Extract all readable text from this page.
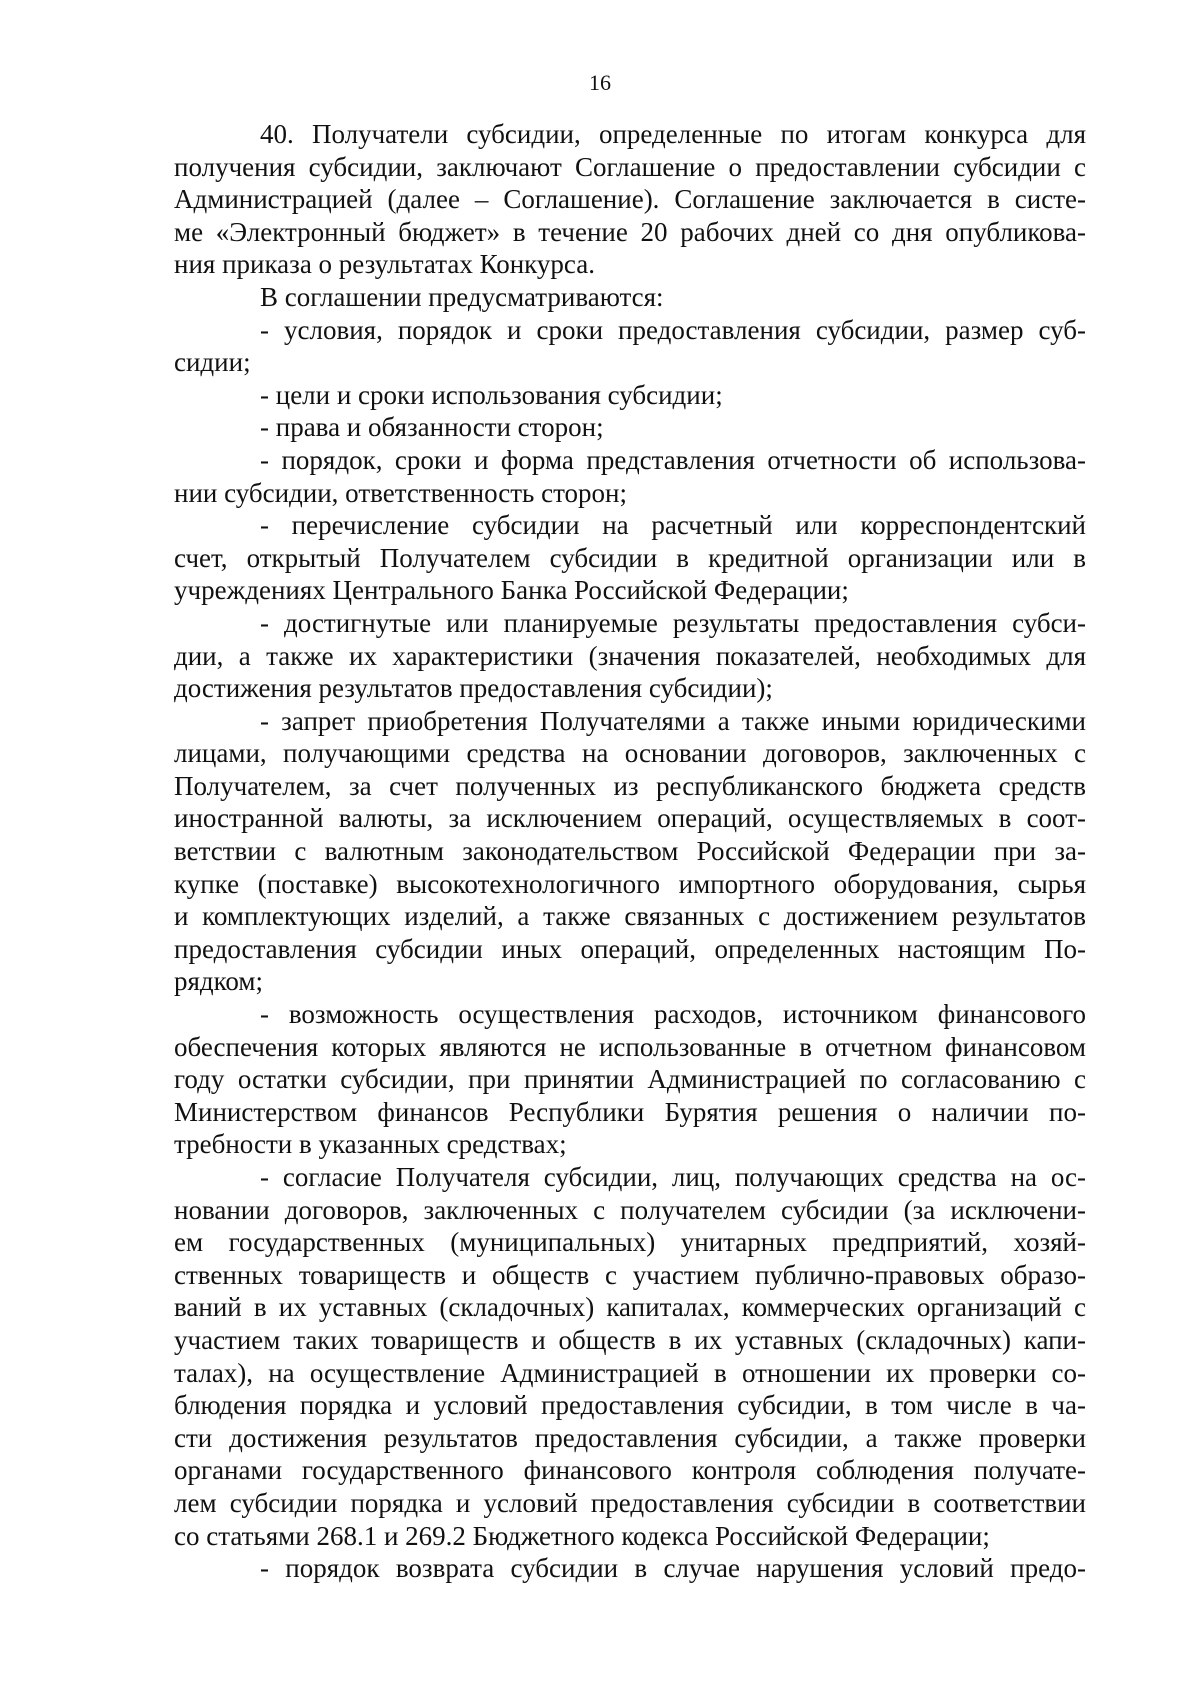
16
40. Получатели субсидии, определенные по итогам конкурса для
получения субсидии, заключают Соглашение о предоставлении субсидии с
Администрацией (далее – Соглашение). Соглашение заключается в систе-
ме «Электронный бюджет» в течение 20 рабочих дней со дня опубликова-
ния приказа о результатах Конкурса.
В соглашении предусматриваются:
- условия, порядок и сроки предоставления субсидии, размер суб-
сидии;
- цели и сроки использования субсидии;
- права и обязанности сторон;
- порядок, сроки и форма представления отчетности об использова-
нии субсидии, ответственность сторон;
- перечисление субсидии на расчетный или корреспондентский
счет, открытый Получателем субсидии в кредитной организации или в
учреждениях Центрального Банка Российской Федерации;
- достигнутые или планируемые результаты предоставления субси-
дии, а также их характеристики (значения показателей, необходимых для
достижения результатов предоставления субсидии);
- запрет приобретения Получателями а также иными юридическими
лицами, получающими средства на основании договоров, заключенных с
Получателем, за счет полученных из республиканского бюджета средств
иностранной валюты, за исключением операций, осуществляемых в соот-
ветствии с валютным законодательством Российской Федерации при за-
купке (поставке) высокотехнологичного импортного оборудования, сырья
и комплектующих изделий, а также связанных с достижением результатов
предоставления субсидии иных операций, определенных настоящим По-
рядком;
- возможность осуществления расходов, источником финансового
обеспечения которых являются не использованные в отчетном финансовом
году остатки субсидии, при принятии Администрацией по согласованию с
Министерством финансов Республики Бурятия решения о наличии по-
требности в указанных средствах;
- согласие Получателя субсидии, лиц, получающих средства на ос-
новании договоров, заключенных с получателем субсидии (за исключени-
ем государственных (муниципальных) унитарных предприятий, хозяй-
ственных товариществ и обществ с участием публично-правовых образо-
ваний в их уставных (складочных) капиталах, коммерческих организаций с
участием таких товариществ и обществ в их уставных (складочных) капи-
талах), на осуществление Администрацией в отношении их проверки со-
блюдения порядка и условий предоставления субсидии, в том числе в ча-
сти достижения результатов предоставления субсидии, а также проверки
органами государственного финансового контроля соблюдения получате-
лем субсидии порядка и условий предоставления субсидии в соответствии
со статьями 268.1 и 269.2 Бюджетного кодекса Российской Федерации;
- порядок возврата субсидии в случае нарушения условий предо-
